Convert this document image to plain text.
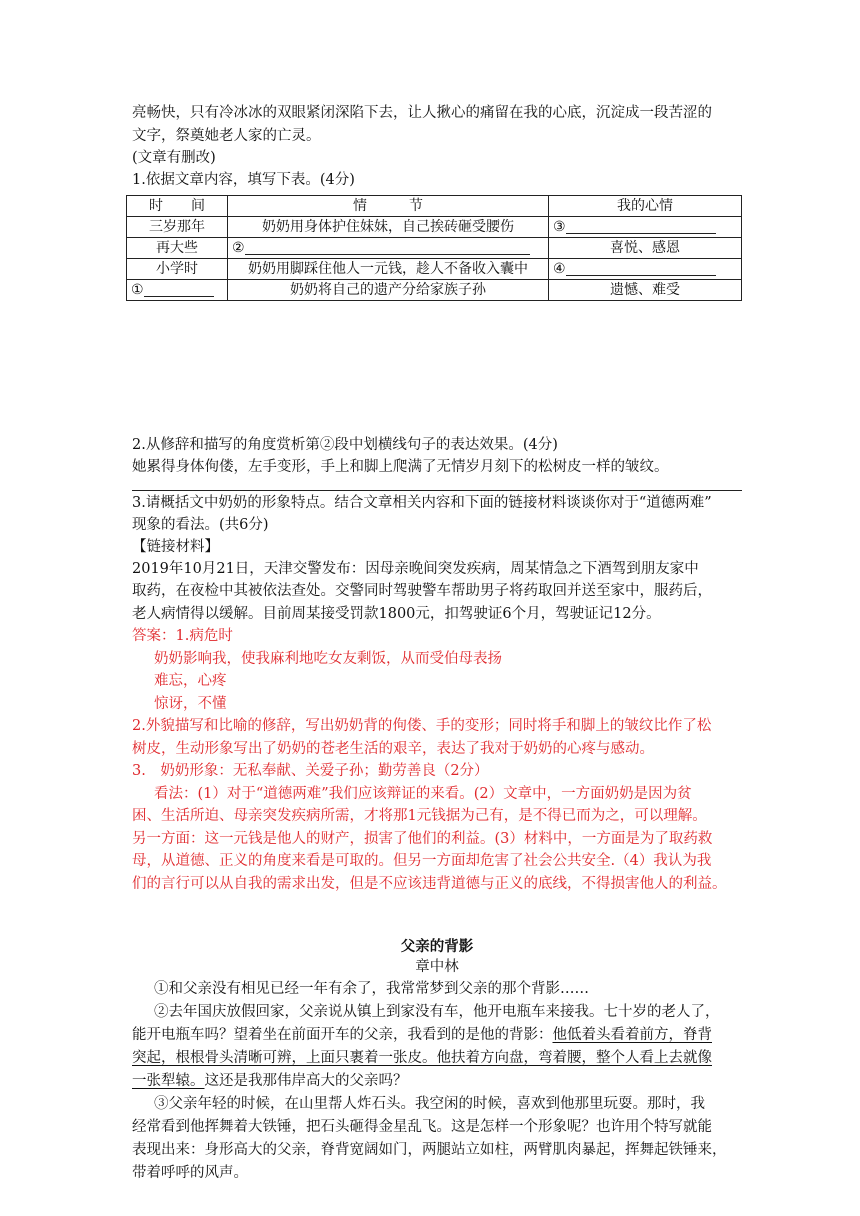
亮畅快，只有冷冰冰的双眼紧闭深陷下去，让人揪心的痛留在我的心底，沉淀成一段苦涩的

文字，祭奠她老人家的亡灵。

(文章有删改)

1.依据文章内容，填写下表。(4分)

时　　间	情　　　节	我的心情
三岁那年	奶奶用身体护住妹妹，自己挨砖砸受腰伤	③
再大些	②	喜悦、感恩
小学时	奶奶用脚踩住他人一元钱，趁人不备收入囊中	④
①	奶奶将自己的遗产分给家族子孙	遗憾、难受

2.从修辞和描写的角度赏析第②段中划横线句子的表达效果。(4分)

她累得身体佝偻，左手变形，手上和脚上爬满了无情岁月刻下的松树皮一样的皱纹。

3.请概括文中奶奶的形象特点。结合文章相关内容和下面的链接材料谈谈你对于“道德两难”

现象的看法。(共6分)

【链接材料】

2019年10月21日，天津交警发布：因母亲晚间突发疾病，周某情急之下酒驾到朋友家中

取药，在夜检中其被依法查处。交警同时驾驶警车帮助男子将药取回并送至家中，服药后，

老人病情得以缓解。目前周某接受罚款1800元，扣驾驶证6个月，驾驶证记12分。

答案：1.病危时

奶奶影响我，使我麻利地吃女友剩饭，从而受伯母表扬

难忘，心疼

惊讶，不懂

2.外貌描写和比喻的修辞，写出奶奶背的佝偻、手的变形；同时将手和脚上的皱纹比作了松

树皮，生动形象写出了奶奶的苍老生活的艰辛，表达了我对于奶奶的心疼与感动。

3.　奶奶形象：无私奉献、关爱子孙；勤劳善良（2分）

看法：(1）对于“道德两难”我们应该辩证的来看。(2）文章中，一方面奶奶是因为贫

困、生活所迫、母亲突发疾病所需，才将那1元钱据为己有，是不得已而为之，可以理解。

另一方面：这一元钱是他人的财产，损害了他们的利益。(3）材料中，一方面是为了取药救

母，从道德、正义的角度来看是可取的。但另一方面却危害了社会公共安全.（4）我认为我

们的言行可以从自我的需求出发，但是不应该违背道德与正义的底线，不得损害他人的利益。

父亲的背影

章中林

①和父亲没有相见已经一年有余了，我常常梦到父亲的那个背影……

②去年国庆放假回家，父亲说从镇上到家没有车，他开电瓶车来接我。七十岁的老人了，

能开电瓶车吗？望着坐在前面开车的父亲，我看到的是他的背影：他低着头看着前方，脊背

突起，根根骨头清晰可辨，上面只裹着一张皮。他扶着方向盘，弯着腰，整个人看上去就像

一张犁辕。这还是我那伟岸高大的父亲吗？

③父亲年轻的时候，在山里帮人炸石头。我空闲的时候，喜欢到他那里玩耍。那时，我

经常看到他挥舞着大铁锤，把石头砸得金星乱飞。这是怎样一个形象呢？也许用个特写就能

表现出来：身形高大的父亲，脊背宽阔如门，两腿站立如柱，两臂肌肉暴起，挥舞起铁锤来，

带着呼呼的风声。
